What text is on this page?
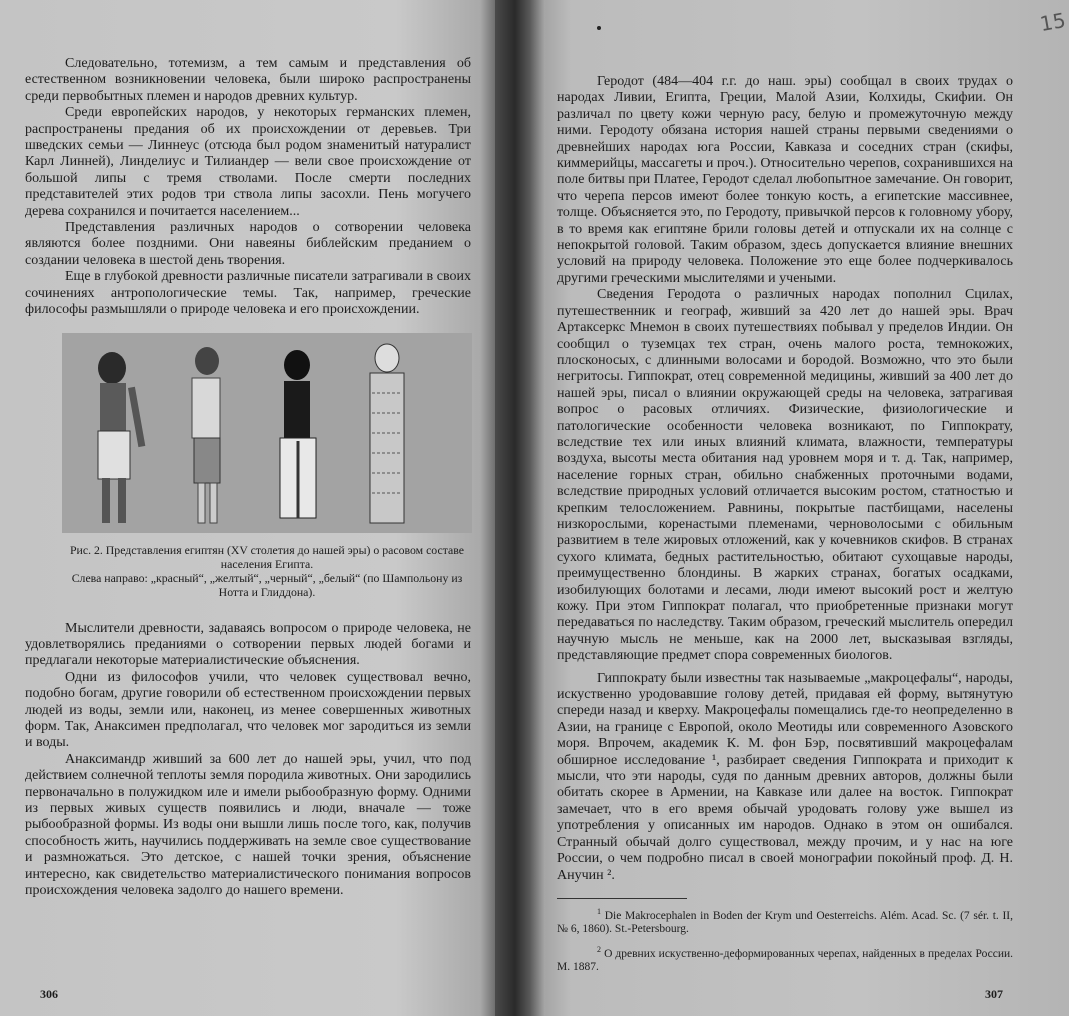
Следовательно, тотемизм, а тем самым и представления об естественном возникновении человека, были широко распространены среди первобытных племен и народов древних культур.

Среди европейских народов, у некоторых германских племен, распространены предания об их происхождении от деревьев. Три шведских семьи — Линнеус (отсюда был родом знаменитый натуралист Карл Линней), Линделиус и Тилиандер — вели свое происхождение от большой липы с тремя стволами. После смерти последних представителей этих родов три ствола липы засохли. Пень могучего дерева сохранился и почитается населением...

Представления различных народов о сотворении человека являются более поздними. Они навеяны библейским преданием о создании человека в шестой день творения.

Еще в глубокой древности различные писатели затрагивали в своих сочинениях антропологические темы. Так, например, греческие философы размышляли о природе человека и его происхождении.

Рис. 2. Представления египтян (XV столетия до нашей эры) о расовом составе населения Египта.
Слева направо: „красный“, „желтый“, „черный“, „белый“ (по Шампольону из Нотта и Глиддона).

Мыслители древности, задаваясь вопросом о природе человека, не удовлетворялись преданиями о сотворении первых людей богами и предлагали некоторые материалистические объяснения.

Одни из философов учили, что человек существовал вечно, подобно богам, другие говорили об естественном происхождении первых людей из воды, земли или, наконец, из менее совершенных животных форм. Так, Анаксимен предполагал, что человек мог зародиться из земли и воды.

Анаксимандр живший за 600 лет до нашей эры, учил, что под действием солнечной теплоты земля породила животных. Они зародились первоначально в полужидком иле и имели рыбообразную форму. Одними из первых живых существ появились и люди, вначале — тоже рыбообразной формы. Из воды они вышли лишь после того, как, получив способность жить, научились поддерживать на земле свое существование и размножаться. Это детское, с нашей точки зрения, объяснение интересно, как свидетельство материалистического понимания вопросов происхождения человека задолго до нашего времени.

306
15

Геродот (484—404 г.г. до наш. эры) сообщал в своих трудах о народах Ливии, Египта, Греции, Малой Азии, Колхиды, Скифии. Он различал по цвету кожи черную расу, белую и промежуточную между ними. Геродоту обязана история нашей страны первыми сведениями о древнейших народах юга России, Кавказа и соседних стран (скифы, киммерийцы, массагеты и проч.). Относительно черепов, сохранившихся на поле битвы при Платее, Геродот сделал любопытное замечание. Он говорит, что черепа персов имеют более тонкую кость, а египетские массивнее, толще. Объясняется это, по Геродоту, привычкой персов к головному убору, в то время как египтяне брили головы детей и отпускали их на солнце с непокрытой головой. Таким образом, здесь допускается влияние внешних условий на природу человека. Положение это еще более подчеркивалось другими греческими мыслителями и учеными.

Сведения Геродота о различных народах пополнил Сцилах, путешественник и географ, живший за 420 лет до нашей эры. Врач Артаксеркс Мнемон в своих путешествиях побывал у пределов Индии. Он сообщил о туземцах тех стран, очень малого роста, темнокожих, плосконосых, с длинными волосами и бородой. Возможно, что это были негритосы. Гиппократ, отец современной медицины, живший за 400 лет до нашей эры, писал о влиянии окружающей среды на человека, затрагивая вопрос о расовых отличиях. Физические, физиологические и патологические особенности человека возникают, по Гиппократу, вследствие тех или иных влияний климата, влажности, температуры воздуха, высоты места обитания над уровнем моря и т. д. Так, например, население горных стран, обильно снабженных проточными водами, вследствие природных условий отличается высоким ростом, статностью и крепким телосложением. Равнины, покрытые пастбищами, населены низкорослыми, коренастыми племенами, черноволосыми с обильным развитием в теле жировых отложений, как у кочевников скифов. В странах сухого климата, бедных растительностью, обитают сухощавые народы, преимущественно блондины. В жарких странах, богатых осадками, изобилующих болотами и лесами, люди имеют высокий рост и желтую кожу. При этом Гиппократ полагал, что приобретенные признаки могут передаваться по наследству. Таким образом, греческий мыслитель опередил научную мысль не меньше, как на 2000 лет, высказывая взгляды, представляющие предмет спора современных биологов.

Гиппократу были известны так называемые „макроцефалы“, народы, искуственно уродовавшие голову детей, придавая ей форму, вытянутую спереди назад и кверху. Макроцефалы помещались где-то неопределенно в Азии, на границе с Европой, около Меотиды или современного Азовского моря. Впрочем, академик К. М. фон Бэр, посвятивший макроцефалам обширное исследование ¹, разбирает сведения Гиппократа и приходит к мысли, что эти народы, судя по данным древних авторов, должны были обитать скорее в Армении, на Кавказе или далее на восток. Гиппократ замечает, что в его время обычай уродовать голову уже вышел из употребления у описанных им народов. Однако в этом он ошибался. Странный обычай долго существовал, между прочим, и у нас на юге России, о чем подробно писал в своей монографии покойный проф. Д. Н. Анучин ².

$^1$ Die Makrocephalen in Boden der Krym und Oesterreichs. Além. Acad. Sc. (7 sér. t. II, № 6, 1860). St.-Petersbourg.
$^2$ О древних искуственно-деформированных черепах, найденных в пределах России. М. 1887.
307
